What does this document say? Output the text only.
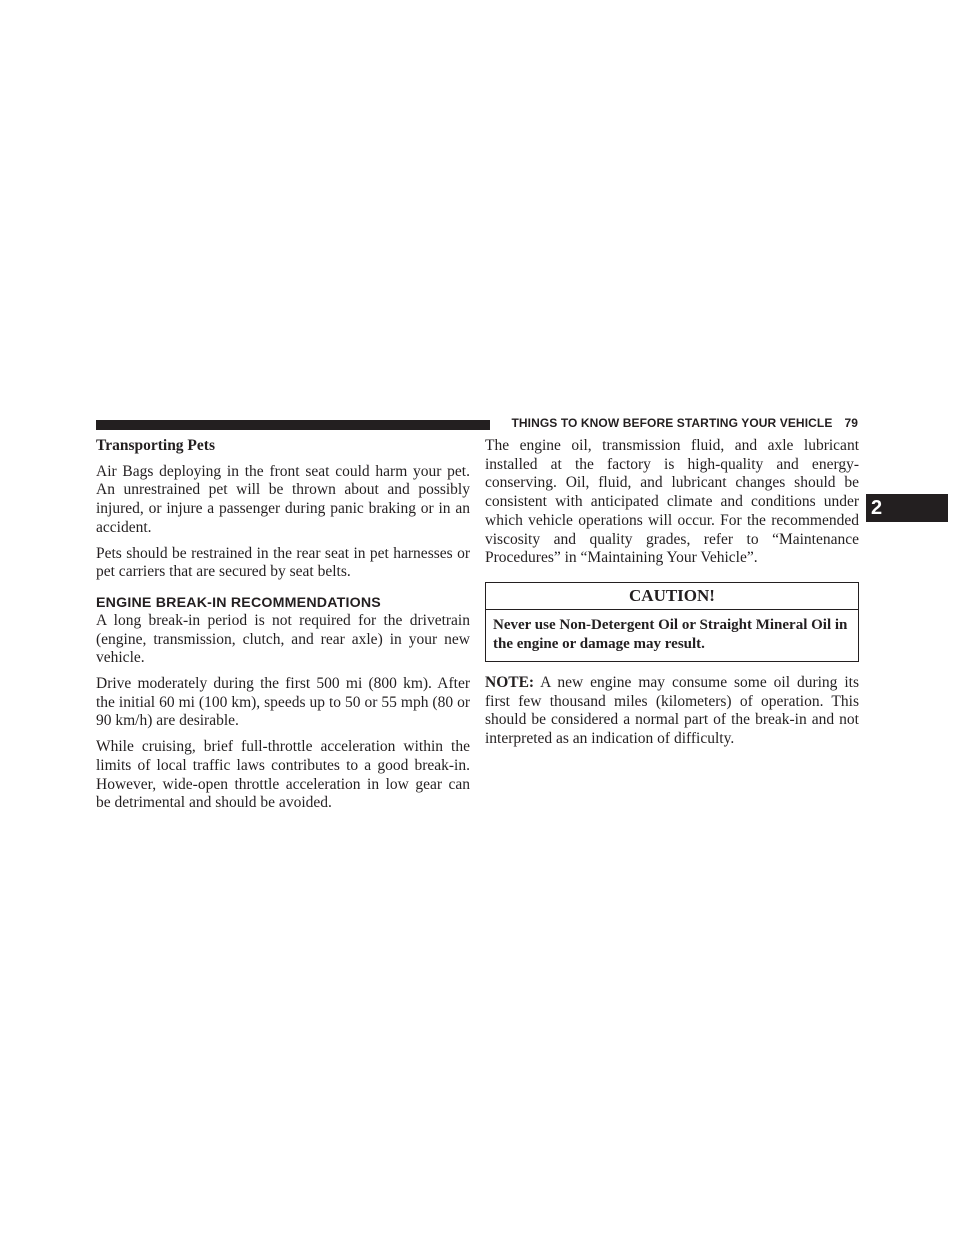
THINGS TO KNOW BEFORE STARTING YOUR VEHICLE 79
2

Transporting Pets

Air Bags deploying in the front seat could harm your pet. An unrestrained pet will be thrown about and possibly injured, or injure a passenger during panic braking or in an accident.

Pets should be restrained in the rear seat in pet harnesses or pet carriers that are secured by seat belts.

ENGINE BREAK-IN RECOMMENDATIONS

A long break-in period is not required for the drivetrain (engine, transmission, clutch, and rear axle) in your new vehicle.

Drive moderately during the first 500 mi (800 km). After the initial 60 mi (100 km), speeds up to 50 or 55 mph (80 or 90 km/h) are desirable.

While cruising, brief full-throttle acceleration within the limits of local traffic laws contributes to a good break-in. However, wide-open throttle acceleration in low gear can be detrimental and should be avoided.

The engine oil, transmission fluid, and axle lubricant installed at the factory is high-quality and energy-conserving. Oil, fluid, and lubricant changes should be consistent with anticipated climate and conditions under which vehicle operations will occur. For the recommended viscosity and quality grades, refer to “Maintenance Procedures” in “Maintaining Your Vehicle”.

CAUTION!
Never use Non-Detergent Oil or Straight Mineral Oil in the engine or damage may result.

NOTE: A new engine may consume some oil during its first few thousand miles (kilometers) of operation. This should be considered a normal part of the break-in and not interpreted as an indication of difficulty.
